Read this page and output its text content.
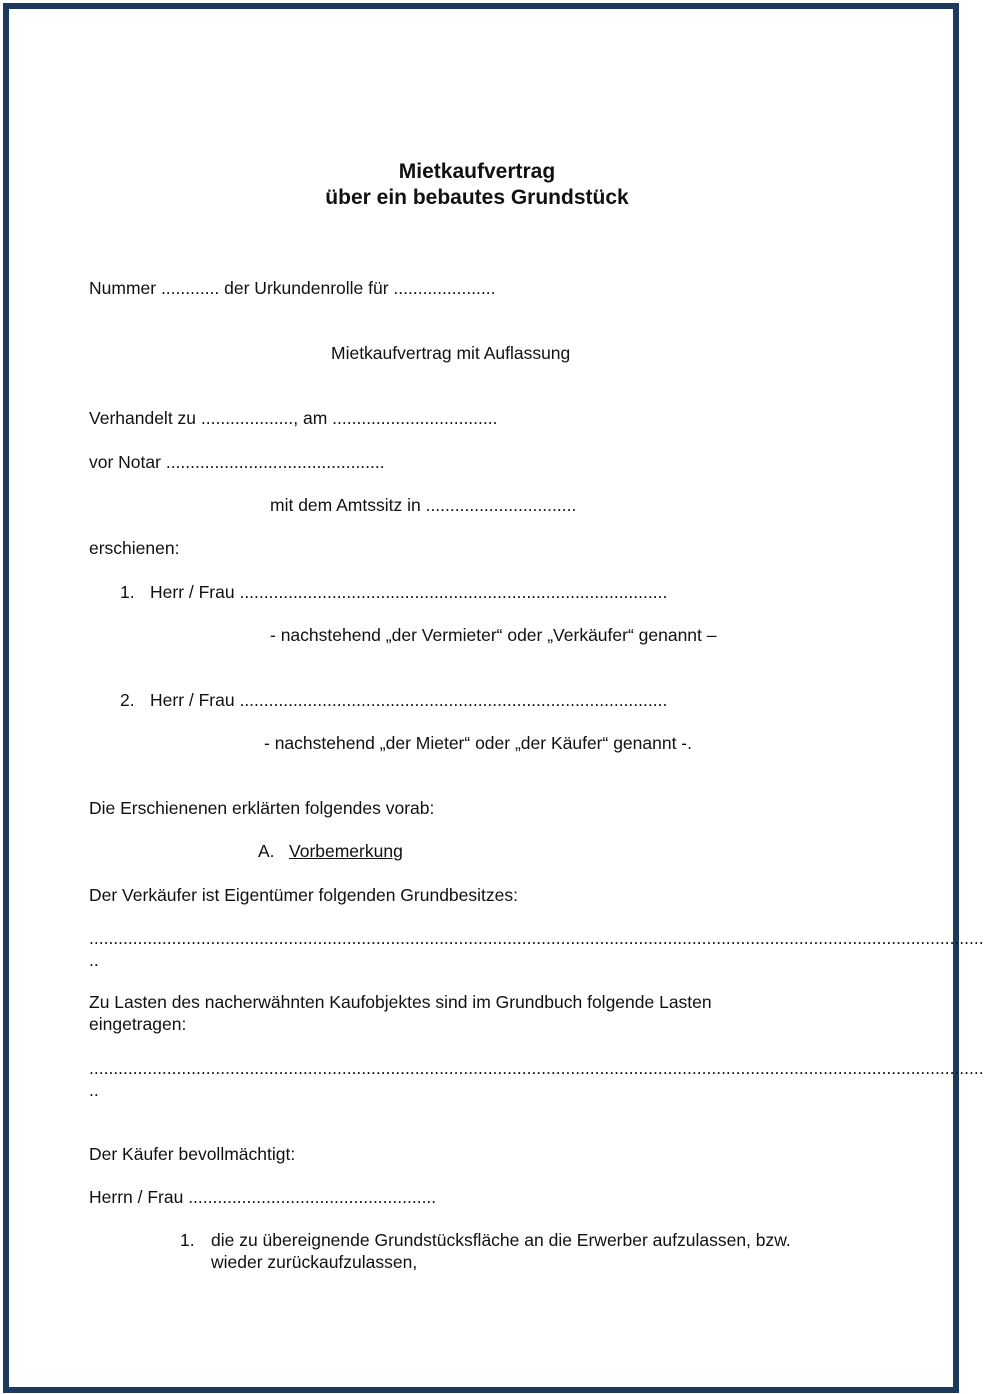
Mietkaufvertrag
über ein bebautes Grundstück
Nummer ............ der Urkundenrolle für .....................
Mietkaufvertrag mit Auflassung
Verhandelt zu ..................., am ..................................
vor Notar .............................................
mit dem Amtssitz in ...............................
erschienen:
1. Herr / Frau ........................................................................................
- nachstehend „der Vermieter“ oder „Verkäufer“ genannt –
2. Herr / Frau ........................................................................................
- nachstehend „der Mieter“ oder „der Käufer“ genannt -.
Die Erschienenen erklärten folgendes vorab:
A. Vorbemerkung
Der Verkäufer ist Eigentümer folgenden Grundbesitzes:
........................................................................................................................................................................................
..
Zu Lasten des nacherwähnten Kaufobjektes sind im Grundbuch folgende Lasten
eingetragen:
........................................................................................................................................................................................
..
Der Käufer bevollmächtigt:
Herrn / Frau ...................................................
1. die zu übereignende Grundstücksfläche an die Erwerber aufzulassen, bzw.
wieder zurückaufzulassen,
